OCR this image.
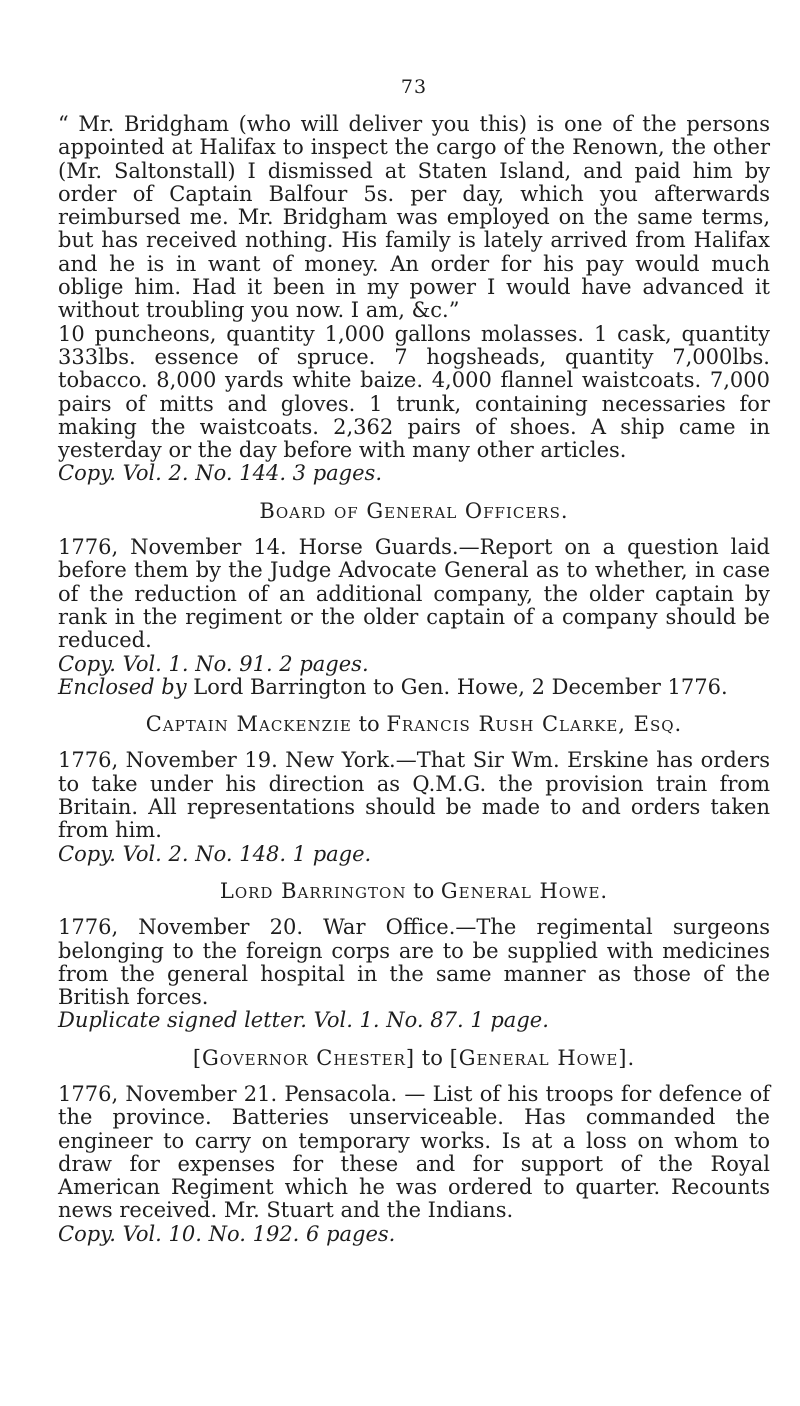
73

“ Mr. Bridgham (who will deliver you this) is one of the persons appointed at Halifax to inspect the cargo of the Renown, the other (Mr. Saltonstall) I dismissed at Staten Island, and paid him by order of Captain Balfour 5s. per day, which you afterwards reimbursed me. Mr. Bridgham was employed on the same terms, but has received nothing. His family is lately arrived from Halifax and he is in want of money. An order for his pay would much oblige him. Had it been in my power I would have advanced it without troubling you now. I am, &c.”

10 puncheons, quantity 1,000 gallons molasses. 1 cask, quantity 333lbs. essence of spruce. 7 hogsheads, quantity 7,000lbs. tobacco. 8,000 yards white baize. 4,000 flannel waistcoats. 7,000 pairs of mitts and gloves. 1 trunk, containing necessaries for making the waistcoats. 2,362 pairs of shoes. A ship came in yesterday or the day before with many other articles.

Copy. Vol. 2. No. 144. 3 pages.

Board of General Officers.

1776, November 14. Horse Guards.—Report on a question laid before them by the Judge Advocate General as to whether, in case of the reduction of an additional company, the older captain by rank in the regiment or the older captain of a company should be reduced.

Copy. Vol. 1. No. 91. 2 pages.

Enclosed by Lord Barrington to Gen. Howe, 2 December 1776.

Captain Mackenzie to Francis Rush Clarke, Esq.

1776, November 19. New York.—That Sir Wm. Erskine has orders to take under his direction as Q.M.G. the provision train from Britain. All representations should be made to and orders taken from him.

Copy. Vol. 2. No. 148. 1 page.

Lord Barrington to General Howe.

1776, November 20. War Office.—The regimental surgeons belonging to the foreign corps are to be supplied with medicines from the general hospital in the same manner as those of the British forces.

Duplicate signed letter. Vol. 1. No. 87. 1 page.

[Governor Chester] to [General Howe].

1776, November 21. Pensacola. — List of his troops for defence of the province. Batteries unserviceable. Has commanded the engineer to carry on temporary works. Is at a loss on whom to draw for expenses for these and for support of the Royal American Regiment which he was ordered to quarter. Recounts news received. Mr. Stuart and the Indians.

Copy. Vol. 10. No. 192. 6 pages.
